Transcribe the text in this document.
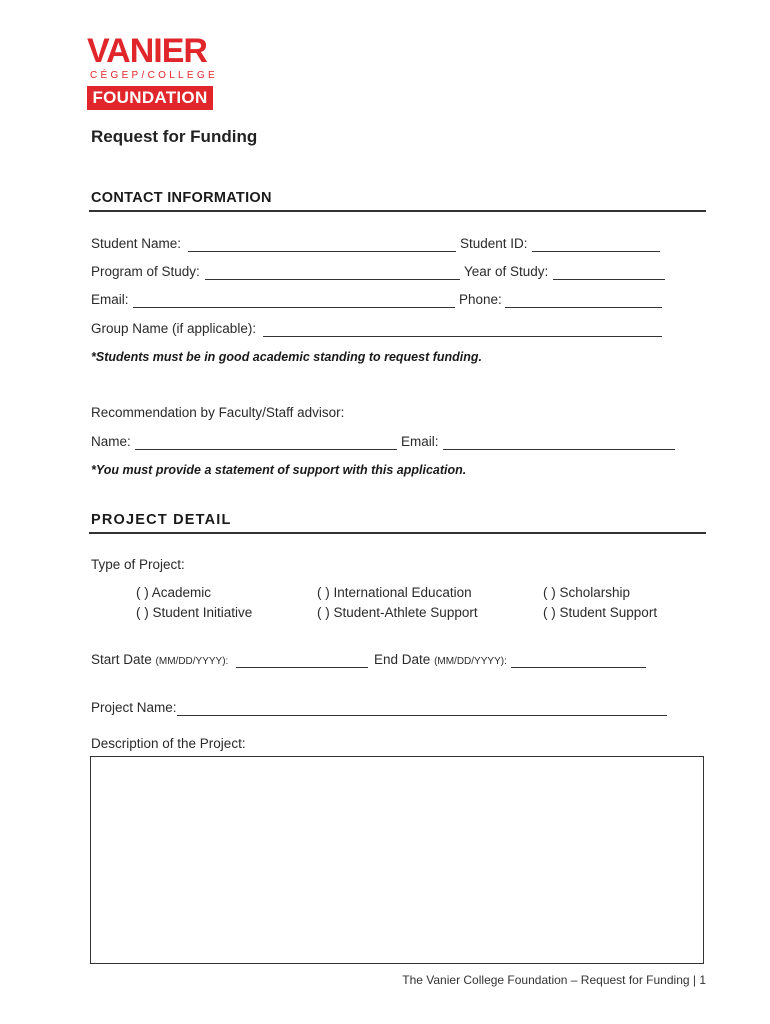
VANIER
CÉGEP/COLLEGE
FOUNDATION
Request for Funding
CONTACT INFORMATION
Student Name:	Student ID:
Program of Study:	Year of Study:
Email:	Phone:
Group Name (if applicable):
*Students must be in good academic standing to request funding.
Recommendation by Faculty/Staff advisor:
Name:	Email:
*You must provide a statement of support with this application.
PROJECT DETAIL
Type of Project:
( ) Academic	( ) International Education	( ) Scholarship
( ) Student Initiative	( ) Student-Athlete Support	( ) Student Support
Start Date (MM/DD/YYYY):	End Date (MM/DD/YYYY):
Project Name:
Description of the Project:
The Vanier College Foundation – Request for Funding | 1
